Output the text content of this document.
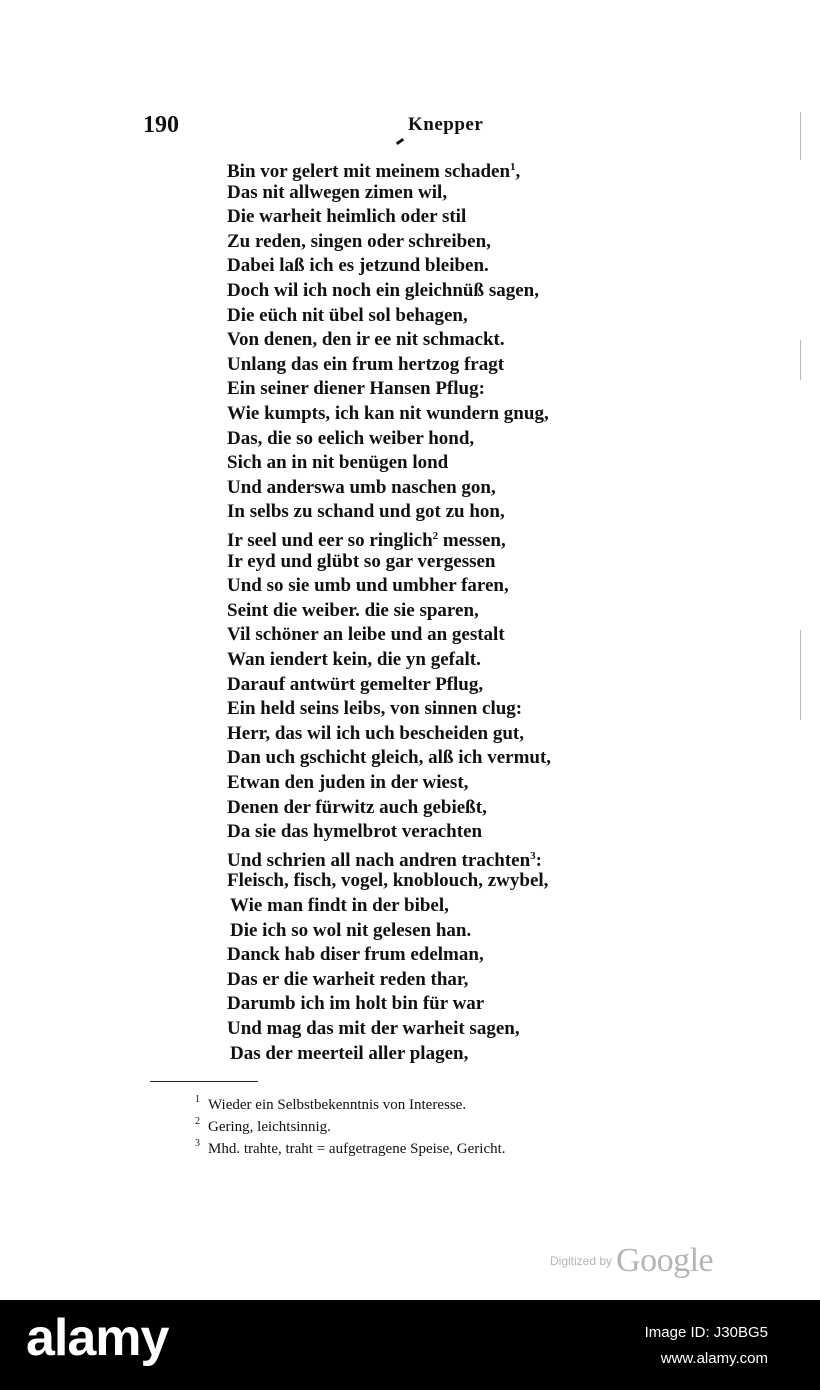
190	Knepper
Bin vor gelert mit meinem schaden$^1$,
Das nit allwegen zimen wil,
Die warheit heimlich oder stil
Zu reden, singen oder schreiben,
Dabei laß ich es jetzund bleiben.
Doch wil ich noch ein gleichnüß sagen,
Die eüch nit übel sol behagen,
Von denen, den ir ee nit schmackt.
Unlang das ein frum hertzog fragt
Ein seiner diener Hansen Pflug:
Wie kumpts, ich kan nit wundern gnug,
Das, die so eelich weiber hond,
Sich an in nit benügen lond
Und anderswa umb naschen gon,
In selbs zu schand und got zu hon,
Ir seel und eer so ringlich$^2$ messen,
Ir eyd und glübt so gar vergessen
Und so sie umb und umbher faren,
Seint die weiber. die sie sparen,
Vil schöner an leibe und an gestalt
Wan iendert kein, die yn gefalt.
Darauf antwürt gemelter Pflug,
Ein held seins leibs, von sinnen clug:
Herr, das wil ich uch bescheiden gut,
Dan uch gschicht gleich, alß ich vermut,
Etwan den juden in der wiest,
Denen der fürwitz auch gebießt,
Da sie das hymelbrot verachten
Und schrien all nach andren trachten$^3$:
Fleisch, fisch, vogel, knoblouch, zwybel,
Wie man findt in der bibel,
Die ich so wol nit gelesen han.
Danck hab diser frum edelman,
Das er die warheit reden thar,
Darumb ich im holt bin für war
Und mag das mit der warheit sagen,
Das der meerteil aller plagen,
1 Wieder ein Selbstbekenntnis von Interesse.
2 Gering, leichtsinnig.
3 Mhd. trahte, traht = aufgetragene Speise, Gericht.
$^{Digitized by}$ Google
alamy	Image ID: J30BG5
www.alamy.com
